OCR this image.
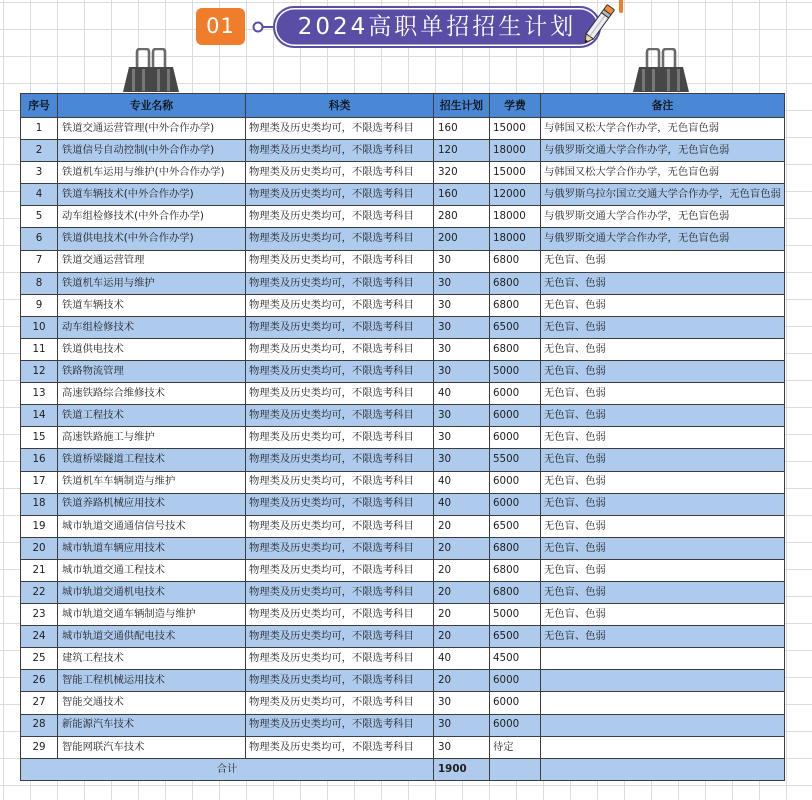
01	2024高职单招招生计划
序号	专业名称	科类	招生计划	学费	备注
1	铁道交通运营管理(中外合作办学)	物理类及历史类均可，不限选考科目	160	15000	与韩国又松大学合作办学，无色盲色弱
2	铁道信号自动控制(中外合作办学)	物理类及历史类均可，不限选考科目	120	18000	与俄罗斯交通大学合作办学，无色盲色弱
3	铁道机车运用与维护(中外合作办学)	物理类及历史类均可，不限选考科目	320	15000	与韩国又松大学合作办学，无色盲色弱
4	铁道车辆技术(中外合作办学)	物理类及历史类均可，不限选考科目	160	12000	与俄罗斯乌拉尔国立交通大学合作办学，无色盲色弱
5	动车组检修技术(中外合作办学)	物理类及历史类均可，不限选考科目	280	18000	与俄罗斯交通大学合作办学，无色盲色弱
6	铁道供电技术(中外合作办学)	物理类及历史类均可，不限选考科目	200	18000	与俄罗斯交通大学合作办学，无色盲色弱
7	铁道交通运营管理	物理类及历史类均可，不限选考科目	30	6800	无色盲、色弱
8	铁道机车运用与维护	物理类及历史类均可，不限选考科目	30	6800	无色盲、色弱
9	铁道车辆技术	物理类及历史类均可，不限选考科目	30	6800	无色盲、色弱
10	动车组检修技术	物理类及历史类均可，不限选考科目	30	6500	无色盲、色弱
11	铁道供电技术	物理类及历史类均可，不限选考科目	30	6800	无色盲、色弱
12	铁路物流管理	物理类及历史类均可，不限选考科目	30	5000	无色盲、色弱
13	高速铁路综合维修技术	物理类及历史类均可，不限选考科目	40	6000	无色盲、色弱
14	铁道工程技术	物理类及历史类均可，不限选考科目	30	6000	无色盲、色弱
15	高速铁路施工与维护	物理类及历史类均可，不限选考科目	30	6000	无色盲、色弱
16	铁道桥梁隧道工程技术	物理类及历史类均可，不限选考科目	30	5500	无色盲、色弱
17	铁道机车车辆制造与维护	物理类及历史类均可，不限选考科目	40	6000	无色盲、色弱
18	铁道养路机械应用技术	物理类及历史类均可，不限选考科目	40	6000	无色盲、色弱
19	城市轨道交通通信信号技术	物理类及历史类均可，不限选考科目	20	6500	无色盲、色弱
20	城市轨道车辆应用技术	物理类及历史类均可，不限选考科目	20	6800	无色盲、色弱
21	城市轨道交通工程技术	物理类及历史类均可，不限选考科目	20	6800	无色盲、色弱
22	城市轨道交通机电技术	物理类及历史类均可，不限选考科目	20	6800	无色盲、色弱
23	城市轨道交通车辆制造与维护	物理类及历史类均可，不限选考科目	20	5000	无色盲、色弱
24	城市轨道交通供配电技术	物理类及历史类均可，不限选考科目	20	6500	无色盲、色弱
25	建筑工程技术	物理类及历史类均可，不限选考科目	40	4500	
26	智能工程机械运用技术	物理类及历史类均可，不限选考科目	20	6000	
27	智能交通技术	物理类及历史类均可，不限选考科目	30	6000	
28	新能源汽车技术	物理类及历史类均可，不限选考科目	30	6000	
29	智能网联汽车技术	物理类及历史类均可，不限选考科目	30	待定	
合计			1900		
